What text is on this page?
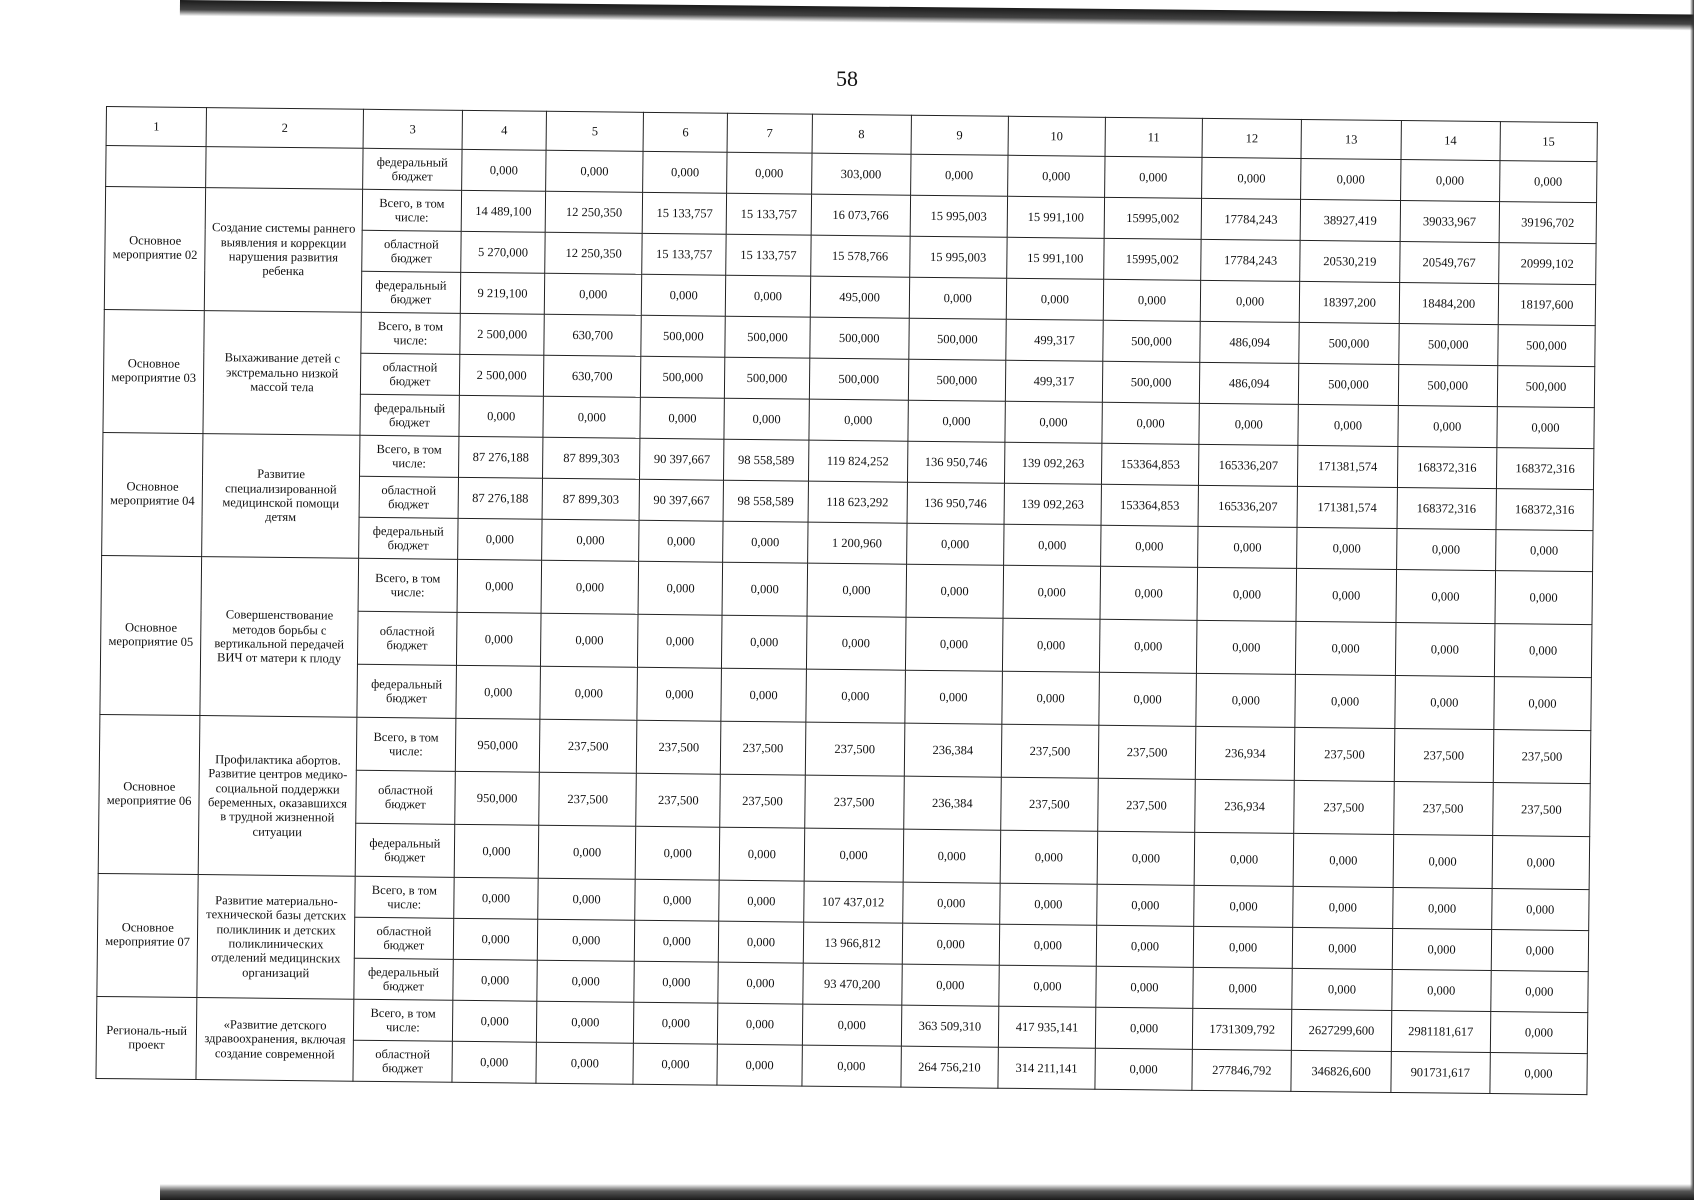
58
1	2	3	4	5	6	7	8	9	10	11	12	13	14	15
		федеральный бюджет	0,000	0,000	0,000	0,000	303,000	0,000	0,000	0,000	0,000	0,000	0,000	0,000
Основное мероприятие 02	Создание системы раннего выявления и коррекции нарушения развития ребенка	Всего, в том числе:	14 489,100	12 250,350	15 133,757	15 133,757	16 073,766	15 995,003	15 991,100	15995,002	17784,243	38927,419	39033,967	39196,702
		областной бюджет	5 270,000	12 250,350	15 133,757	15 133,757	15 578,766	15 995,003	15 991,100	15995,002	17784,243	20530,219	20549,767	20999,102
		федеральный бюджет	9 219,100	0,000	0,000	0,000	495,000	0,000	0,000	0,000	0,000	18397,200	18484,200	18197,600
Основное мероприятие 03	Выхаживание детей с экстремально низкой массой тела	Всего, в том числе:	2 500,000	630,700	500,000	500,000	500,000	500,000	499,317	500,000	486,094	500,000	500,000	500,000
		областной бюджет	2 500,000	630,700	500,000	500,000	500,000	500,000	499,317	500,000	486,094	500,000	500,000	500,000
		федеральный бюджет	0,000	0,000	0,000	0,000	0,000	0,000	0,000	0,000	0,000	0,000	0,000	0,000
Основное мероприятие 04	Развитие специализированной медицинской помощи детям	Всего, в том числе:	87 276,188	87 899,303	90 397,667	98 558,589	119 824,252	136 950,746	139 092,263	153364,853	165336,207	171381,574	168372,316	168372,316
		областной бюджет	87 276,188	87 899,303	90 397,667	98 558,589	118 623,292	136 950,746	139 092,263	153364,853	165336,207	171381,574	168372,316	168372,316
		федеральный бюджет	0,000	0,000	0,000	0,000	1 200,960	0,000	0,000	0,000	0,000	0,000	0,000	0,000
Основное мероприятие 05	Совершенствование методов борьбы с вертикальной передачей ВИЧ от матери к плоду	Всего, в том числе:	0,000	0,000	0,000	0,000	0,000	0,000	0,000	0,000	0,000	0,000	0,000	0,000
		областной бюджет	0,000	0,000	0,000	0,000	0,000	0,000	0,000	0,000	0,000	0,000	0,000	0,000
		федеральный бюджет	0,000	0,000	0,000	0,000	0,000	0,000	0,000	0,000	0,000	0,000	0,000	0,000
Основное мероприятие 06	Профилактика абортов. Развитие центров медико-социальной поддержки беременных, оказавшихся в трудной жизненной ситуации	Всего, в том числе:	950,000	237,500	237,500	237,500	237,500	236,384	237,500	237,500	236,934	237,500	237,500	237,500
		областной бюджет	950,000	237,500	237,500	237,500	237,500	236,384	237,500	237,500	236,934	237,500	237,500	237,500
		федеральный бюджет	0,000	0,000	0,000	0,000	0,000	0,000	0,000	0,000	0,000	0,000	0,000	0,000
Основное мероприятие 07	Развитие материально-технической базы детских поликлиник и детских поликлинических отделений медицинских организаций	Всего, в том числе:	0,000	0,000	0,000	0,000	107 437,012	0,000	0,000	0,000	0,000	0,000	0,000	0,000
		областной бюджет	0,000	0,000	0,000	0,000	13 966,812	0,000	0,000	0,000	0,000	0,000	0,000	0,000
		федеральный бюджет	0,000	0,000	0,000	0,000	93 470,200	0,000	0,000	0,000	0,000	0,000	0,000	0,000
Региональ-ный проект	«Развитие детского здравоохранения, включая создание современной	Всего, в том числе:	0,000	0,000	0,000	0,000	0,000	363 509,310	417 935,141	0,000	1731309,792	2627299,600	2981181,617	0,000
		областной бюджет	0,000	0,000	0,000	0,000	0,000	264 756,210	314 211,141	0,000	277846,792	346826,600	901731,617	0,000
